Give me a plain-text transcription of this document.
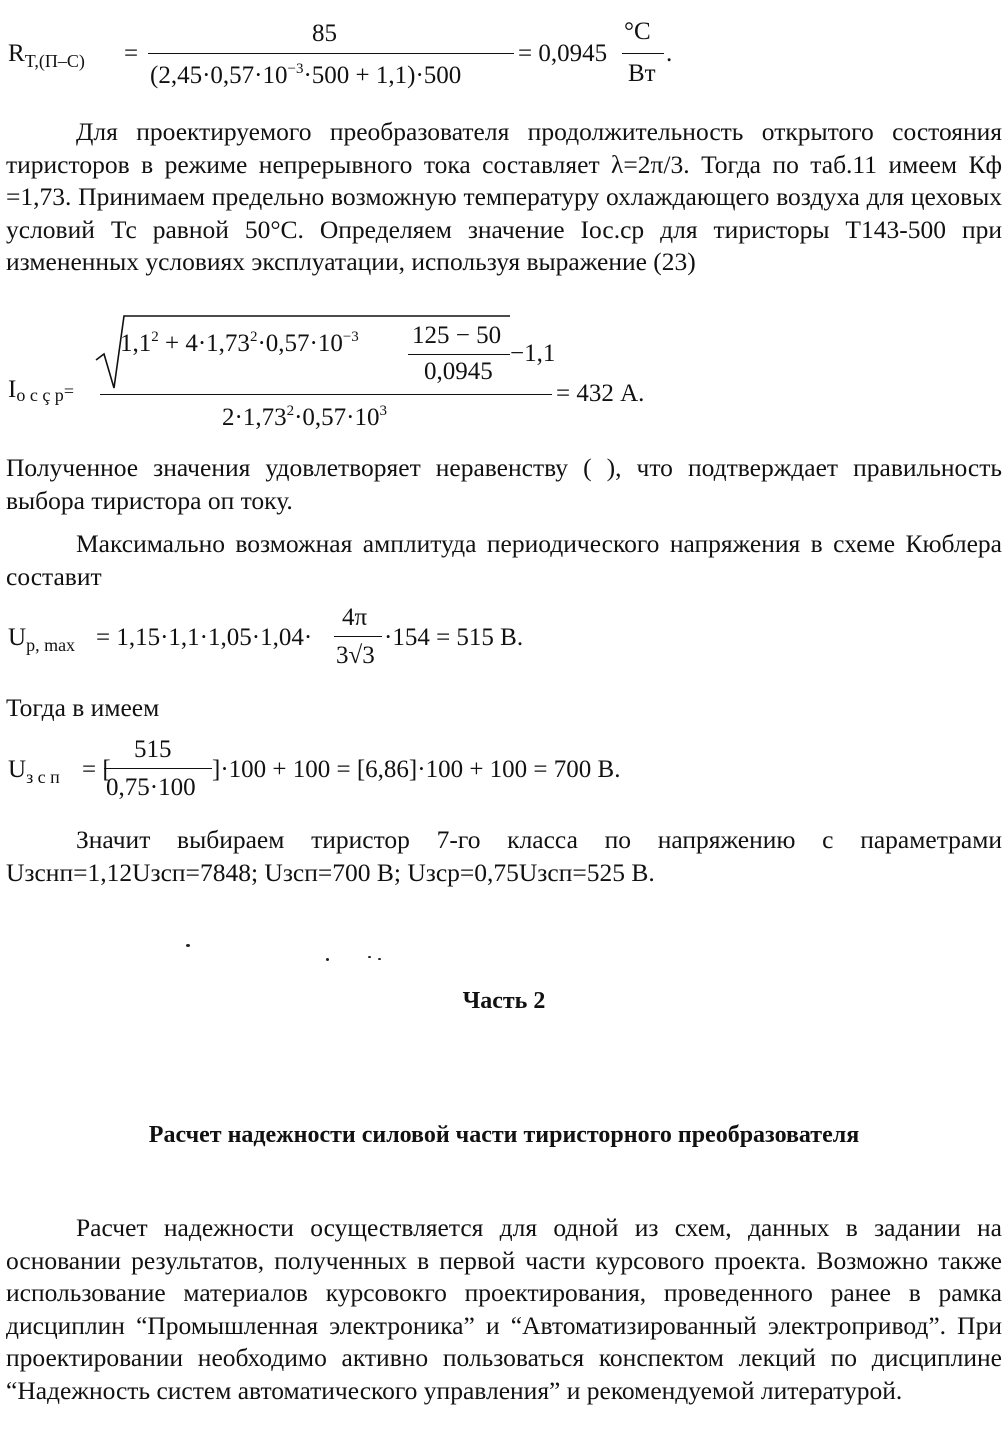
$R_{T,(П-С)}$ =
85
$(2,45\cdot 0,57\cdot 10^{-3}\cdot 500 + 1,1)\cdot 500$
= 0,0945
°С
Вт
.
Для проектируемого преобразователя продолжительность открытого состояния тиристоров в режиме непрерывного тока составляет λ=2π/3. Тогда по таб.11 имеем Кф =1,73. Принимаем предельно возможную температуру охлаждающего воздуха для цеховых условий Тс равной 50°С. Определяем значение Iос.ср для тиристоры Т143-500 при измененных условиях эксплуатации, используя выражение (23)
Iо с ç р=
$1,1^2 + 4\cdot 1,73^2\cdot 0,57\cdot 10^{-3}$ 125 − 50
0,0945
−1,1
$2\cdot 1,73^2\cdot 0,57\cdot 10^3$
= 432 А.
Полученное значения удовлетворяет неравенству ( ), что подтверждает правильность выбора тиристора оп току.
Максимально возможная амплитуда периодического напряжения в схеме Кюблера составит
$U_{p, max} = 1,15\cdot 1,1\cdot 1,05\cdot 1,04\cdot$
4π
3√3
·154 = 515 В.
Тогда в имеем
$U_{з с п}$ = [
515
0,75·100
]·100 + 100 = [6,86]·100 + 100 = 700 В.
Значит выбираем тиристор 7-го класса по напряжению с параметрами Uзснп=1,12Uзсп=7848; Uзсп=700 В; Uзср=0,75Uзсп=525 В.
Часть 2
Расчет надежности силовой части тиристорного преобразователя
Расчет надежности осуществляется для одной из схем, данных в задании на основании результатов, полученных в первой части курсового проекта. Возможно также использование материалов курсовокго проектирования, проведенного ранее в рамка дисциплин “Промышленная электроника” и “Автоматизированный электропривод”. При проектировании необходимо активно пользоваться конспектом лекций по дисциплине “Надежность систем автоматического управления” и рекомендуемой литературой.
